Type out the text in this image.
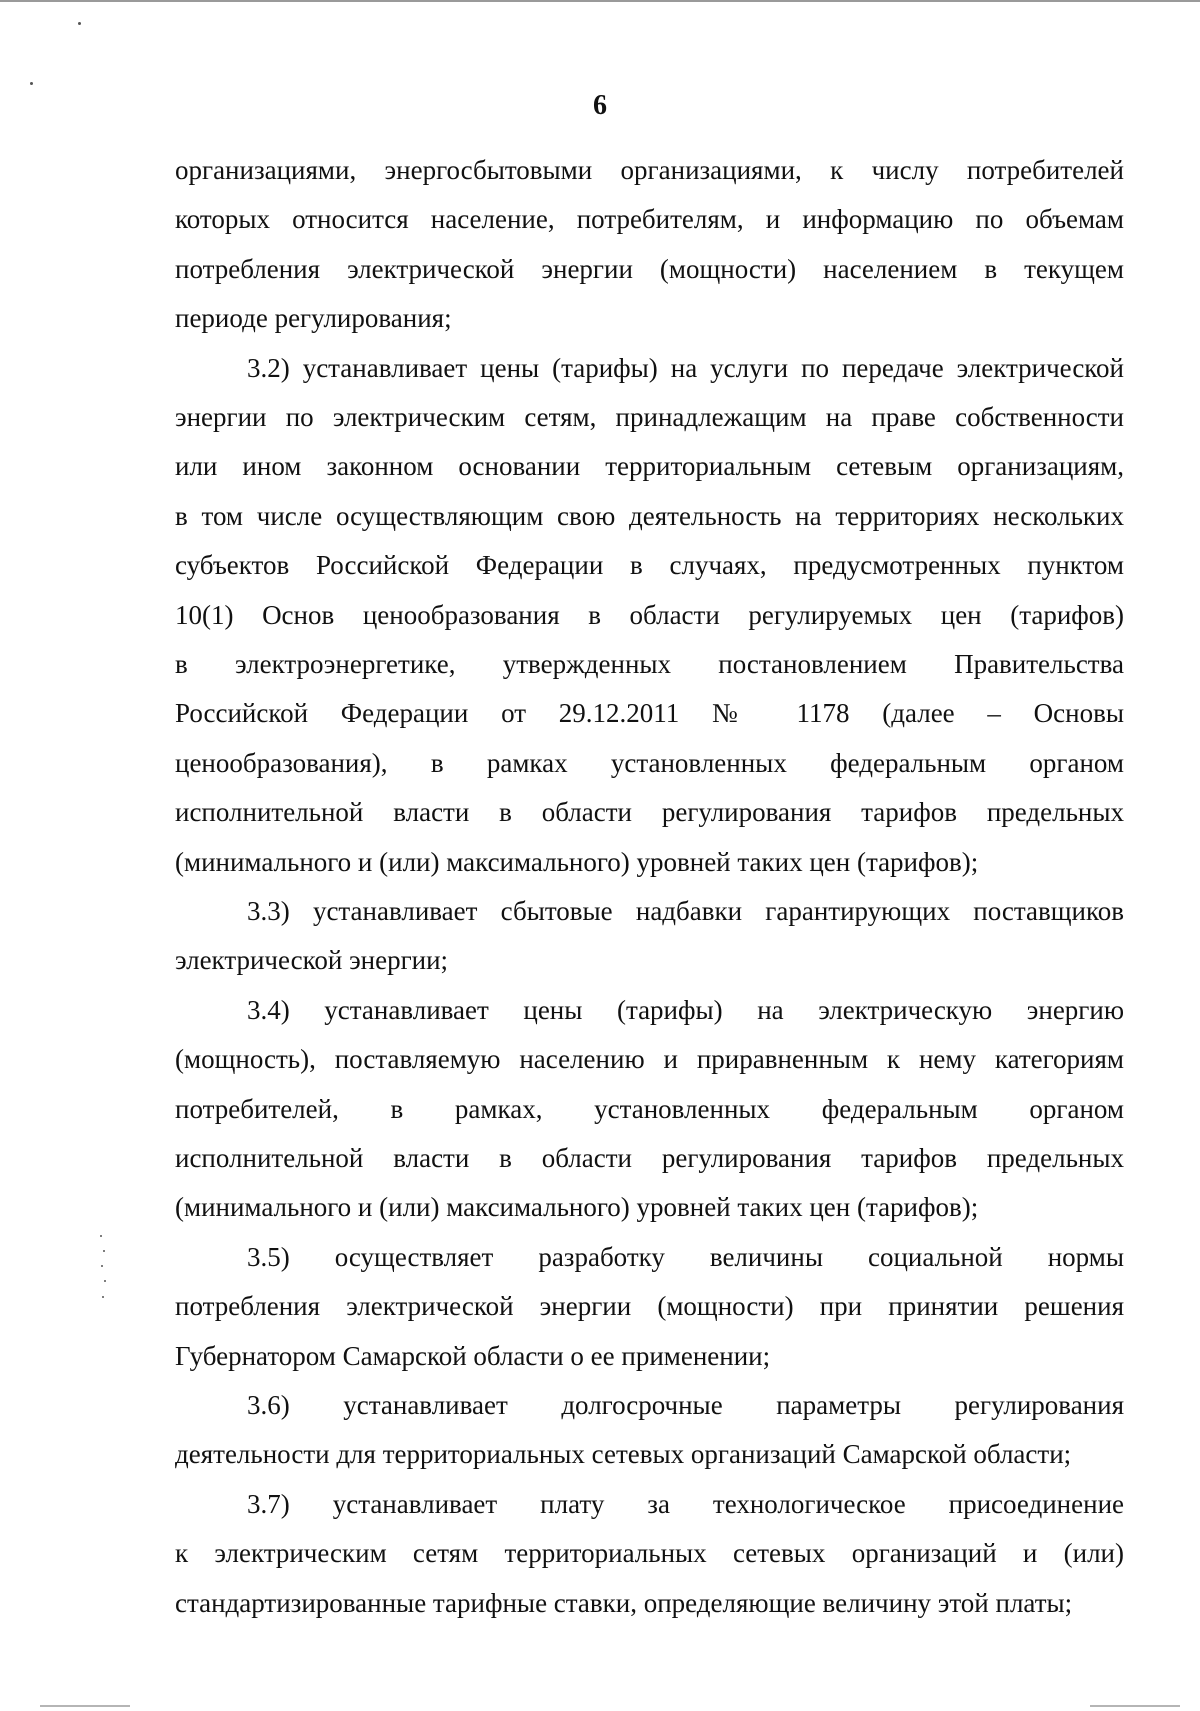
6
организациями, энергосбытовыми организациями, к числу потребителей
которых относится население, потребителям, и информацию по объемам
потребления электрической энергии (мощности) населением в текущем
периоде регулирования;
3.2) устанавливает цены (тарифы) на услуги по передаче электрической
энергии по электрическим сетям, принадлежащим на праве собственности
или ином законном основании территориальным сетевым организациям,
в том числе осуществляющим свою деятельность на территориях нескольких
субъектов Российской Федерации в случаях, предусмотренных пунктом
10(1) Основ ценообразования в области регулируемых цен (тарифов)
в электроэнергетике, утвержденных постановлением Правительства
Российской Федерации от 29.12.2011 № 1178 (далее – Основы
ценообразования), в рамках установленных федеральным органом
исполнительной власти в области регулирования тарифов предельных
(минимального и (или) максимального) уровней таких цен (тарифов);
3.3) устанавливает сбытовые надбавки гарантирующих поставщиков
электрической энергии;
3.4) устанавливает цены (тарифы) на электрическую энергию
(мощность), поставляемую населению и приравненным к нему категориям
потребителей, в рамках, установленных федеральным органом
исполнительной власти в области регулирования тарифов предельных
(минимального и (или) максимального) уровней таких цен (тарифов);
3.5) осуществляет разработку величины социальной нормы
потребления электрической энергии (мощности) при принятии решения
Губернатором Самарской области о ее применении;
3.6) устанавливает долгосрочные параметры регулирования
деятельности для территориальных сетевых организаций Самарской области;
3.7) устанавливает плату за технологическое присоединение
к электрическим сетям территориальных сетевых организаций и (или)
стандартизированные тарифные ставки, определяющие величину этой платы;
